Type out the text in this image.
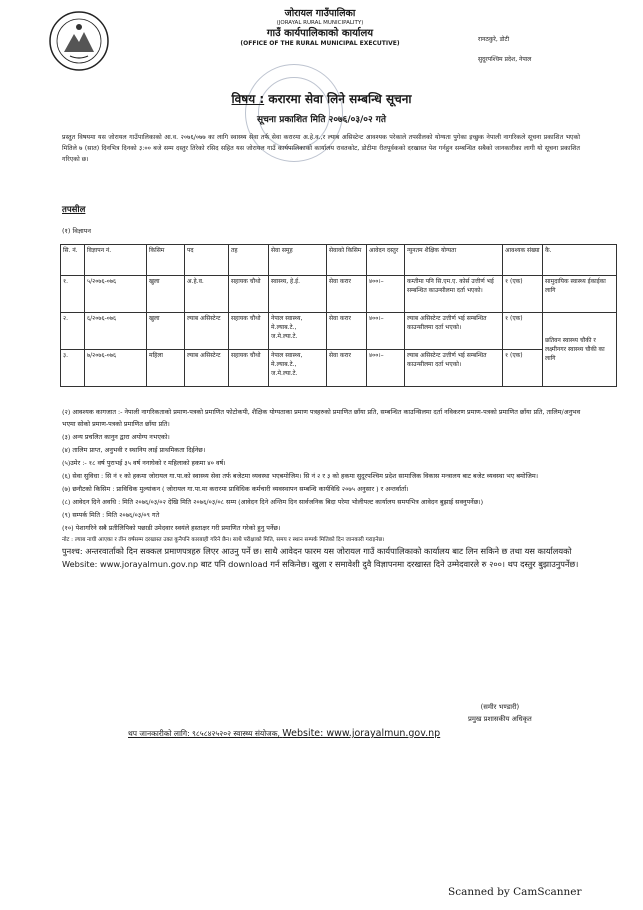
जोरायल गाउँपालिका
(JORAYAL RURAL MUNICIPALITY)
गाउँ कार्यपालिकाको कार्यालय
(OFFICE OF THE RURAL MUNICIPAL EXECUTIVE)
रानठकुरे, डोटी
सुदूरपश्चिम प्रदेश, नेपाल
विषय : करारमा सेवा लिने सम्बन्धि सूचना
सूचना प्रकाशित मिति २०७६/०३/०२ गते
प्रस्तुत विषयमा यस जोरायल गाउँपालिकाको आ.व. २०७६/०७७ का लागि स्वास्थ्य सेवा तर्फ सेवा करारमा अ.हे.व.,र ल्याब असिस्टेन्ट आवश्यक परेकाले तपसीलको योग्यता पुगेका इच्छुक नेपाली नागरिकले सूचना प्रकाशित भएको मितिले ७ (सात) दिनभित्र दिनको ३:०० बजे सम्म दस्तुर तिरेको रसिद सहित यस जोरायल गाउँ कार्यपालिकाको कार्यालय रावतकोट, डोटीमा रीतपूर्वकको दरखास्त पेश गर्नहुन सम्बन्धित सबैको जानकारीका लागी यो सूचना प्रकाशित गरिएको छ।
तपसील
(१) विज्ञापन
सि. नं.	विज्ञापन नं.	किसिम	पद	तह	सेवा समूह	सेवाको किसिम	आवेदन दस्तुर	न्युनतम शैक्षिक योग्यता	आवश्यक संख्या	कै.
१.	५/२०७६-०७६	खुला	अ.हे.व.	सहायक चौथो	स्वास्थ्य, हे.ई.	सेवा करार	४००।–	कम्तीमा पनि सि.एम.ए. कोर्स उत्तीर्ण भई सम्बन्धित काउन्सीलमा दर्ता भएको।	१ (एक)	सामुदायिक स्वास्थ्य ईकाईका लागि
२.	६/२०७६-०७६	खुला	ल्याब असिस्टेन्ट	सहायक चौथो	नेपाल स्वास्थ्य, मे.ल्याब.टे., ज.मे.ल्या.टे.	सेवा करार	४००।–	ल्याब असिस्टेन्ट उत्तीर्ण भई सम्बन्धित काउन्सीलमा दर्ता भएको।	१ (एक)	छतिवन स्वास्थ्य चौकी र लक्ष्मीनगर स्वास्थ्य चौकी का लागि
३.	७/२०७६-०७६	महिला	ल्याब असिस्टेन्ट	सहायक चौथो	नेपाल स्वास्थ्य, मे.ल्याब.टे., ज.मे.ल्या.टे.	सेवा करार	४००।–	ल्याब असिस्टेन्ट उत्तीर्ण भई सम्बन्धित काउन्सीलमा दर्ता भएको।	१ (एक)	

(२) आवश्यक कागजात :- नेपाली नागरिकताको प्रमाण-पत्रको प्रमाणित फोटोकपी, शैक्षिक योग्यताका प्रमाण पत्रहरुको प्रमाणित छाँया प्रति, सम्बन्धित काउन्सिलमा दर्ता नविकरण प्रमाण-पत्रको प्रमाणित छाँया प्रति, तालिम/अनुभव भएमा सोको प्रमाण-पत्रको प्रमाणित छाँया प्रति।

(३) अन्य प्रचलित कानुन द्वारा अयोग्य नभएको।

(४) तालिम प्राप्त, अनुभवी र स्थानिय लाई प्राथमिकता दिईनेछ।

(५)उमेर :- १८ वर्ष पुराभई ३५ वर्ष ननाघेको र महिलाको हकमा ४० वर्ष।

(६) सेवा सुविधा : सि नं १ को हकमा जोरायल गा.पा.को स्वास्थ्य सेवा तर्फ बजेटमा व्यवस्था भएबमोजिम। सि नं २ र ३ को हकमा सुदूरपश्चिम प्रदेश सामाजिक विकास मन्त्रालय बाट बजेट व्यवस्था भए बमोजिम।

(७) छनौटको किसिम : प्राविधिक मुल्यांकन ( जोरायल गा.पा.मा करारमा प्राविधिक कर्मचारी व्यवस्थापन सम्बन्धि कार्यविधि २०७५ अनुसार ) र अन्तर्वार्ता।

(८) आवेदन दिने अवधि : मिति २०७६/०३/०२ देखि मिति २०७६/०३/०८ सम्म (आवेदन दिने अन्तिम दिन सार्वजनिक बिदा परेमा भोलीपल्ट कार्यालय समयभित्र आवेदन बुझाई सक्नुपर्नेछ।)

(९) सम्पर्क मिति : मिति २०७६/०३/०९ गते

(१०) पेशागरिने सबै प्रतीलिपिको पछाडी उमेदवार स्वयंले हस्ताक्षर गरी प्रमाणित गरेको हुनु पर्नेछ।

नोट : ल्याब नाघी आएका र तीन वर्षसम्म दरखास्त उक्त कुनैपनि कारबाही गरिने छैन। साथै परीक्षाको मिति, समय र स्थान सम्पर्क मितिको दिन जानकारी गराइनेछ।

पुनश्च: अन्तरवार्ताको दिन सक्कल प्रमाणपत्रहरु लिएर आउनु पर्ने छ। साथै आवेदन फारम यस जोरायल गाउँ कार्यपालिकाको कार्यालय बाट लिन सकिने छ तथा यस कार्यालयको Website: www.jorayalmun.gov.np बाट पनि download गर्न सकिनेछ। खुला र समावेशी दुवै विज्ञापनमा दरखास्त दिने उम्मेदवारले रु २००। थप दस्तुर बुझाउनुपर्नेछ।

(समीर भण्डारी)
प्रमुख प्रशासकीय अधिकृत
थप जानकारीको लागि: ९८५८४२५२०२ स्वास्थ्य संयोजक, Website: www.jorayalmun.gov.np
Scanned by CamScanner
